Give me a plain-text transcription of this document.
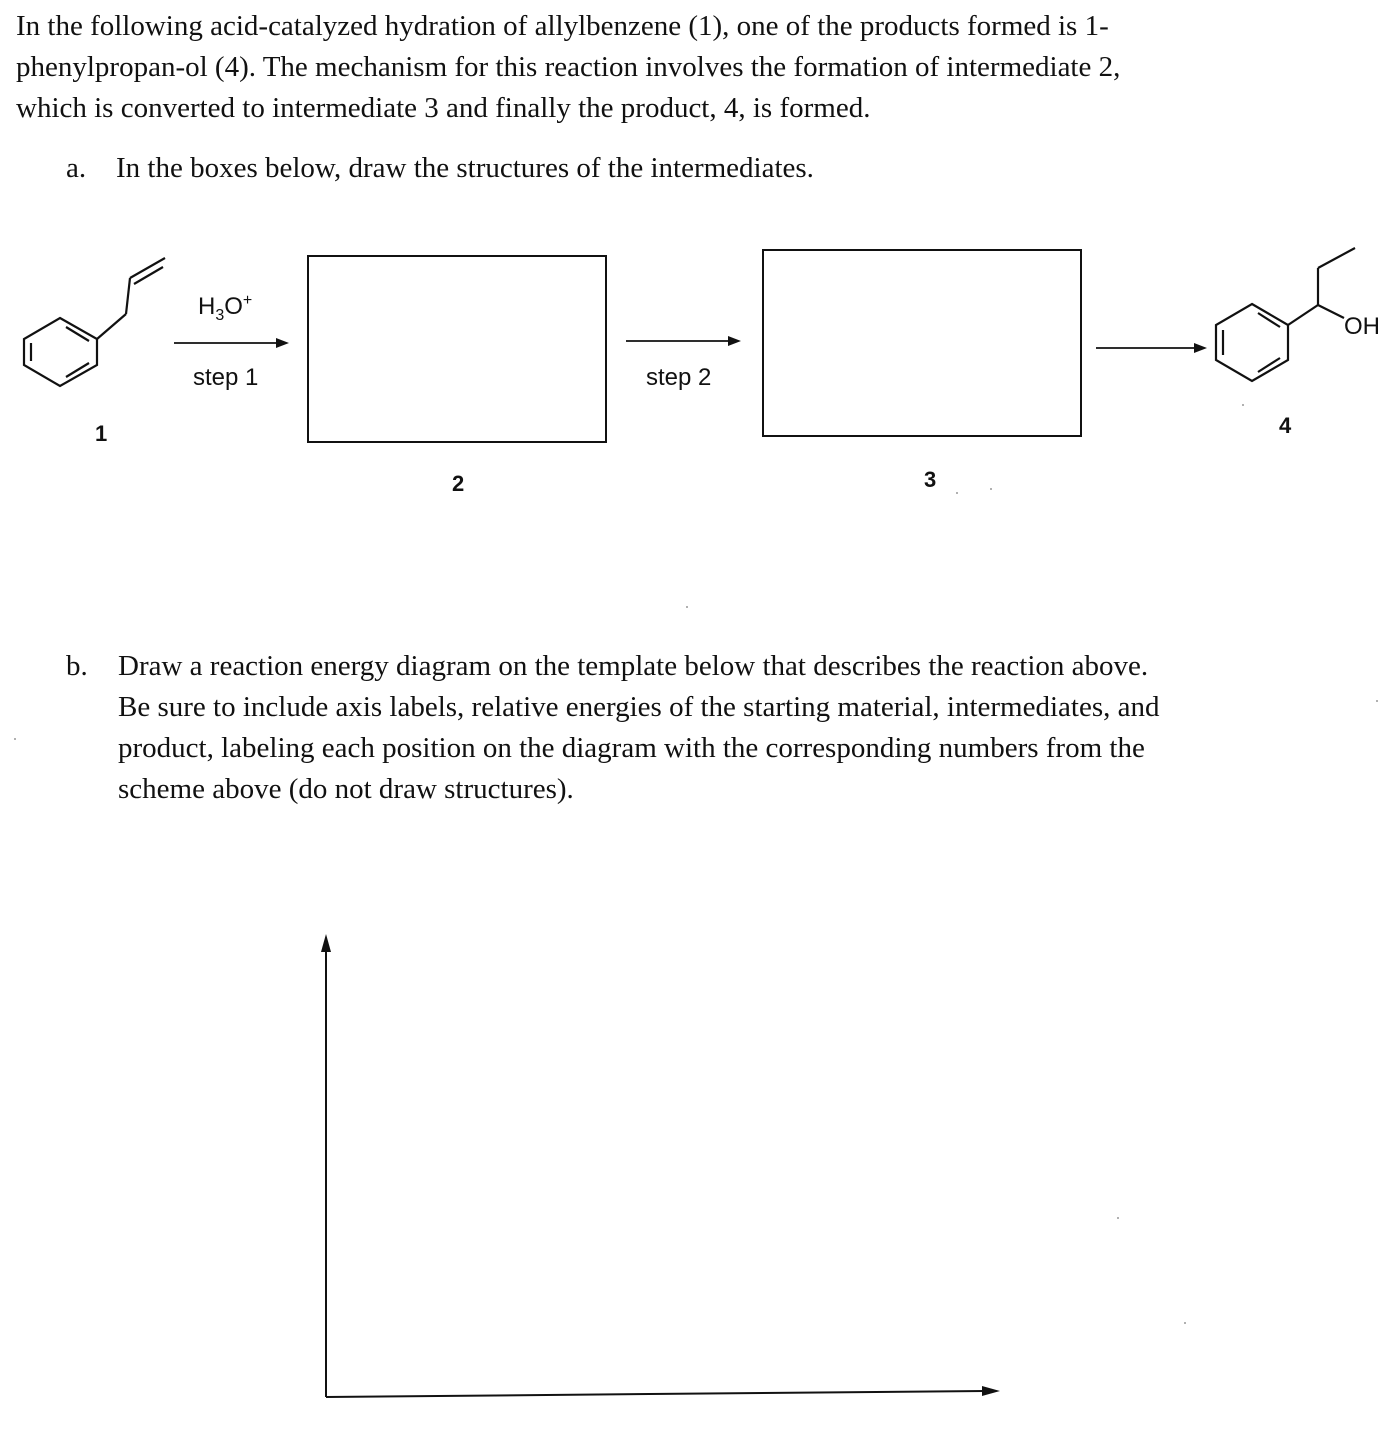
In the following acid-catalyzed hydration of allylbenzene (1), one of the products formed is 1-

phenylpropan-ol (4). The mechanism for this reaction involves the formation of intermediate 2,

which is converted to intermediate 3 and finally the product, 4, is formed.

a. In the boxes below, draw the structures of the intermediates.
$H_3O^+$
step 1	step 2
OH
1
2	3
4
b. Draw a reaction energy diagram on the template below that describes the reaction above.
Be sure to include axis labels, relative energies of the starting material, intermediates, and
product, labeling each position on the diagram with the corresponding numbers from the
scheme above (do not draw structures).
